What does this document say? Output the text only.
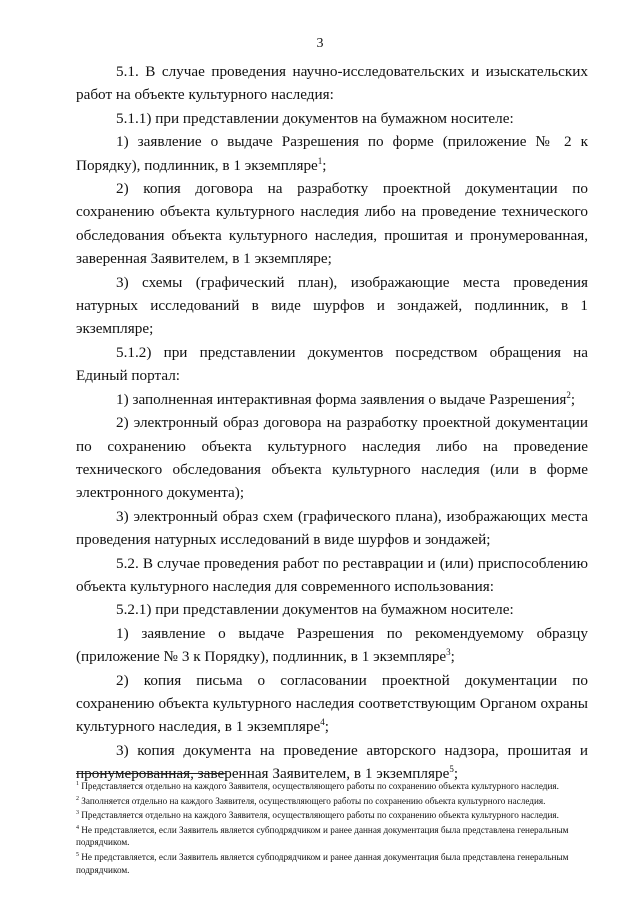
3

5.1. В случае проведения научно-исследовательских и изыскательских работ на объекте культурного наследия:

5.1.1) при представлении документов на бумажном носителе:

1) заявление о выдаче Разрешения по форме (приложение № 2 к Порядку), подлинник, в 1 экземпляре$^1$;

2) копия договора на разработку проектной документации по сохранению объекта культурного наследия либо на проведение технического обследования объекта культурного наследия, прошитая и пронумерованная, заверенная Заявителем, в 1 экземпляре;

3) схемы (графический план), изображающие места проведения натурных исследований в виде шурфов и зондажей, подлинник, в 1 экземпляре;

5.1.2) при представлении документов посредством обращения на Единый портал:

1) заполненная интерактивная форма заявления о выдаче Разрешения$^2$;

2) электронный образ договора на разработку проектной документации по сохранению объекта культурного наследия либо на проведение технического обследования объекта культурного наследия (или в форме электронного документа);

3) электронный образ схем (графического плана), изображающих места проведения натурных исследований в виде шурфов и зондажей;

5.2. В случае проведения работ по реставрации и (или) приспособлению объекта культурного наследия для современного использования:

5.2.1) при представлении документов на бумажном носителе:

1) заявление о выдаче Разрешения по рекомендуемому образцу (приложение № 3 к Порядку), подлинник, в 1 экземпляре$^3$;

2) копия письма о согласовании проектной документации по сохранению объекта культурного наследия соответствующим Органом охраны культурного наследия, в 1 экземпляре$^4$;

3) копия документа на проведение авторского надзора, прошитая и пронумерованная, заверенная Заявителем, в 1 экземпляре$^5$;

$^1$ Представляется отдельно на каждого Заявителя, осуществляющего работы по сохранению объекта культурного наследия.

$^2$ Заполняется отдельно на каждого Заявителя, осуществляющего работы по сохранению объекта культурного наследия.

$^3$ Представляется отдельно на каждого Заявителя, осуществляющего работы по сохранению объекта культурного наследия.

$^4$ Не представляется, если Заявитель является субподрядчиком и ранее данная документация была представлена генеральным подрядчиком.

$^5$ Не представляется, если Заявитель является субподрядчиком и ранее данная документация была представлена генеральным подрядчиком.
